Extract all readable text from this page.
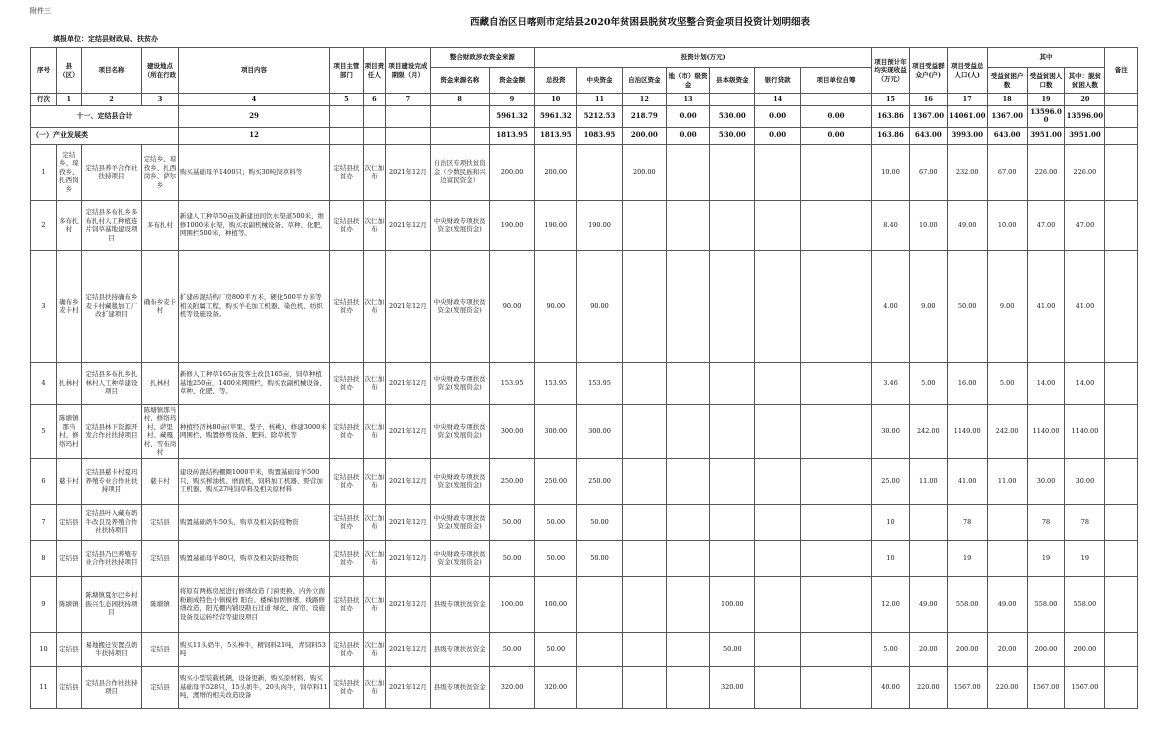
附件三
西藏自治区日喀则市定结县2020年贫困县脱贫攻坚整合资金项目投资计划明细表
填报单位：定结县财政局、扶贫办
序号	县（区）	项目名称	建设地点（所在行政	项目内容	项目主管部门	项目责任人	项目建设完成期限（月）	整合财政涉农资金来源		投资计划(万元)							项目预计年均实现收益（万元）	项目受益群众户(户)	项目受益总人口(人)	其中			备注
								资金来源名称	资金金额	总投资	中央资金	自治区资金	地（市）级资金	县本级资金	银行贷款	项目单位自筹				受益贫困户数	受益贫困人口数	其中：脱贫贫困人数	
行次	1	2	3	4	5	6	7	8	9	10	11	12	13		14		15	16	17	18	19	20	
十一、定结县合计				29					5961.32	5961.32	5212.53	218.79	0.00	530.00	0.00	0.00	163.86	1367.00	14061.00	1367.00	13596.00	13596.00	
（一）产业发展类				12					1813.95	1813.95	1083.95	200.00	0.00	530.00	0.00	0.00	163.86	643.00	3993.00	643.00	3951.00	3951.00	
1	定结乡、琼孜乡、扎西岗乡	定结县养羊合作社扶持项目	定结乡、琼孜乡、扎西岗乡、萨尔乡	购买基础母羊1400只；购买30吨饲草料等	定结县扶贫办	次仁加布	2021年12月	自治区专项扶贫资金（少数民族和兴边富民资金）	200.00	200.00		200.00					10.00	67.00	232.00	67.00	226.00	226.00	
2	多布扎村	定结县多布扎乡多布扎村人工种植连片饲草基地建设项目	多布扎村	新建人工种草50亩及新建田间饮水渠道500米，维修1000米水渠，购买农副机械设备、草种、化肥，网围栏500米，种植等。	定结县扶贫办	次仁加布	2021年12月	中央财政专项扶贫资金(发展资金)	190.00	190.00	190.00						8.40	10.00	49.00	10.00	47.00	47.00	
3	确布乡麦卡村	定结县扶持确布乡麦卡村藏毯加工厂改扩建项目	确布乡麦卡村	扩建砖混结构厂房800平方米，硬化500平方米等相关附属工程，购买羊毛加工机器、染色机、纺织机等设施设备。	定结县扶贫办	次仁加布	2021年12月	中央财政专项扶贫资金(发展资金)	90.00	90.00	90.00						4.00	9.00	50.00	9.00	41.00	41.00	
4	扎林村	定结县多布扎乡扎林村人工种草建设项目	扎林村	新修人工种草165亩及客土改良165亩，饲草种植基地250亩，1400米网围栏，购买农副机械设备、草种、化肥、等。	定结县扶贫办	次仁加布	2021年12月	中央财政专项扶贫资金(发展资金)	153.95	153.95	153.95						3.46	5.00	16.00	5.00	14.00	14.00	
5	陈塘镇那当村、修络玛村	定结县林下资源开发合作社扶持项目	陈塘镇那当村、修络玛村、萨里村、藏嘎村、雪布岗村	种植经济林80亩(苹果、梨子、核桃)，修建3000米网围栏，购置修剪设备、肥料、除草机等	定结县扶贫办	次仁加布	2021年12月	中央财政专项扶贫资金(发展资金)	300.00	300.00	300.00						30.00	242.00	1149.00	242.00	1140.00	1140.00	
6	慈卡村	定结县慈卡村夏玛养殖专业合作社扶持项目	慈卡村	建设砖混结构棚圈1000平米，购置基础母羊500只、购买榨油机、磨面机、饲料加工机器、野营加工机器、购买27吨饲草料及相关原材料	定结县扶贫办	次仁加布	2021年12月	中央财政专项扶贫资金(发展资金)	250.00	250.00	250.00						25.00	11.00	41.00	11.00	30.00	30.00	
7	定结县	定结县叶入藏布奶牛改良及养殖合作社扶持项目	定结县	购置基础奶牛50头，购草及相关防疫物资	定结县扶贫办	次仁加布	2021年12月	中央财政专项扶贫资金(发展资金)	50.00	50.00	50.00						10		78		78	78	
8	定结县	定结县乃巴养殖专业合作社扶持项目	定结县	购置基础母羊80只，购草及相关防疫物资	定结县扶贫办	次仁加布	2021年12月	中央财政专项扶贫资金(发展资金)	50.00	50.00	50.00						10		19		19	19	
9	陈塘镇	陈塘镇夏尔巴乡村振兴生态园扶持项目	陈塘镇	将原有两栋房屋进行修缮改造 门窗更换、内外立面粉刷成特色小镇模样 阳台、楼梯加固修缮，线路修缮改造，阳光棚内铺设勘石过道 绿化、窗帘、设施设备及运转经营等建设项目	定结县扶贫办	次仁加布	2021年12月	县级专项扶贫资金	100.00	100.00				100.00			12.00	49.00	558.00	49.00	558.00	558.00	
10	定结县	易地搬迁安置点奶牛扶持项目	定结县	购买11头奶牛，5头棒牛，精饲料21吨，青饲料53吨	定结县扶贫办	次仁加布	2021年12月	县级专项扶贫资金	50.00	50.00				50.00			5.00	20.00	200.00	20.00	200.00	200.00	
11	定结县	定结县合作社扶持项目	定结县	购买小型装载机辆，设备更新，购买原材料，购买基础母羊528只，15头奶牛，20头肉牛，饲草料11吨，渡增的相关改造设备	定结县扶贫办	次仁加布	2021年12月	县级专项扶贫资金	320.00	320.00				320.00			40.00	220.00	1567.00	220.00	1567.00	1567.00	
